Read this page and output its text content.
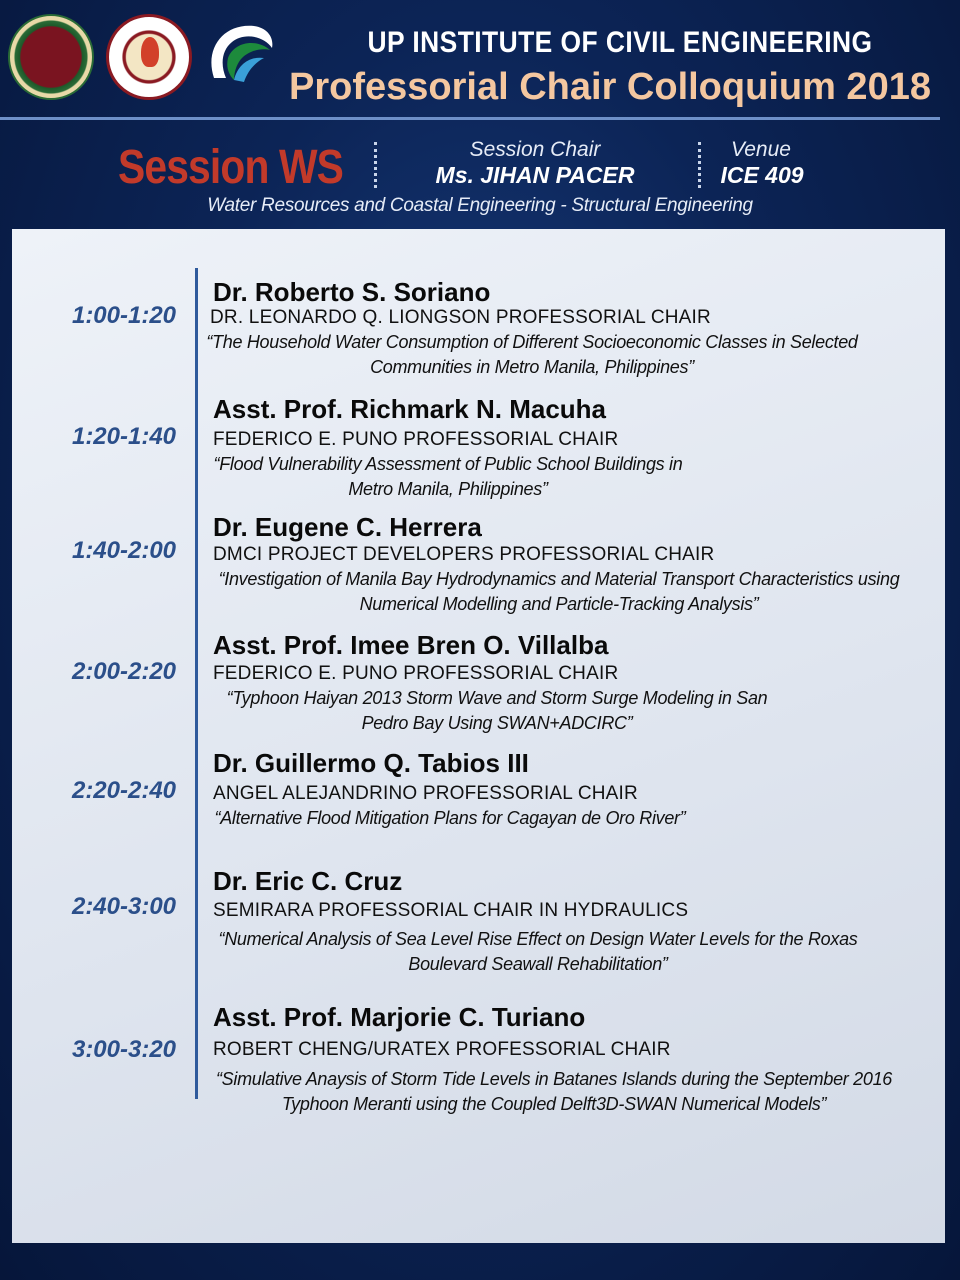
UP INSTITUTE OF CIVIL ENGINEERING
Professorial Chair Colloquium 2018
Session WS	Session Chair
Ms. JIHAN PACER
Venue
ICE 409
Water Resources and Coastal Engineering - Structural Engineering
1:00-1:20
Dr. Roberto S. Soriano
DR. LEONARDO Q. LIONGSON PROFESSORIAL CHAIR
“The Household Water Consumption of Different Socioeconomic Classes in Selected
Communities in Metro Manila, Philippines”
1:20-1:40
Asst. Prof. Richmark N. Macuha
FEDERICO E. PUNO PROFESSORIAL CHAIR
“Flood Vulnerability Assessment of Public School Buildings in
Metro Manila, Philippines”
1:40-2:00
Dr. Eugene C. Herrera
DMCI PROJECT DEVELOPERS PROFESSORIAL CHAIR
“Investigation of Manila Bay Hydrodynamics and Material Transport Characteristics using
Numerical Modelling and Particle-Tracking Analysis”
2:00-2:20
Asst. Prof. Imee Bren O. Villalba
FEDERICO E. PUNO PROFESSORIAL CHAIR
“Typhoon Haiyan 2013 Storm Wave and Storm Surge Modeling in San
Pedro Bay Using SWAN+ADCIRC”
2:20-2:40
Dr. Guillermo Q. Tabios III
ANGEL ALEJANDRINO PROFESSORIAL CHAIR
“Alternative Flood Mitigation Plans for Cagayan de Oro River”
2:40-3:00
Dr. Eric C. Cruz
SEMIRARA PROFESSORIAL CHAIR IN HYDRAULICS
“Numerical Analysis of Sea Level Rise Effect on Design Water Levels for the Roxas
Boulevard Seawall Rehabilitation”
3:00-3:20
Asst. Prof. Marjorie C. Turiano
ROBERT CHENG/URATEX PROFESSORIAL CHAIR
“Simulative Anaysis of Storm Tide Levels in Batanes Islands during the September 2016
Typhoon Meranti using the Coupled Delft3D-SWAN Numerical Models”
